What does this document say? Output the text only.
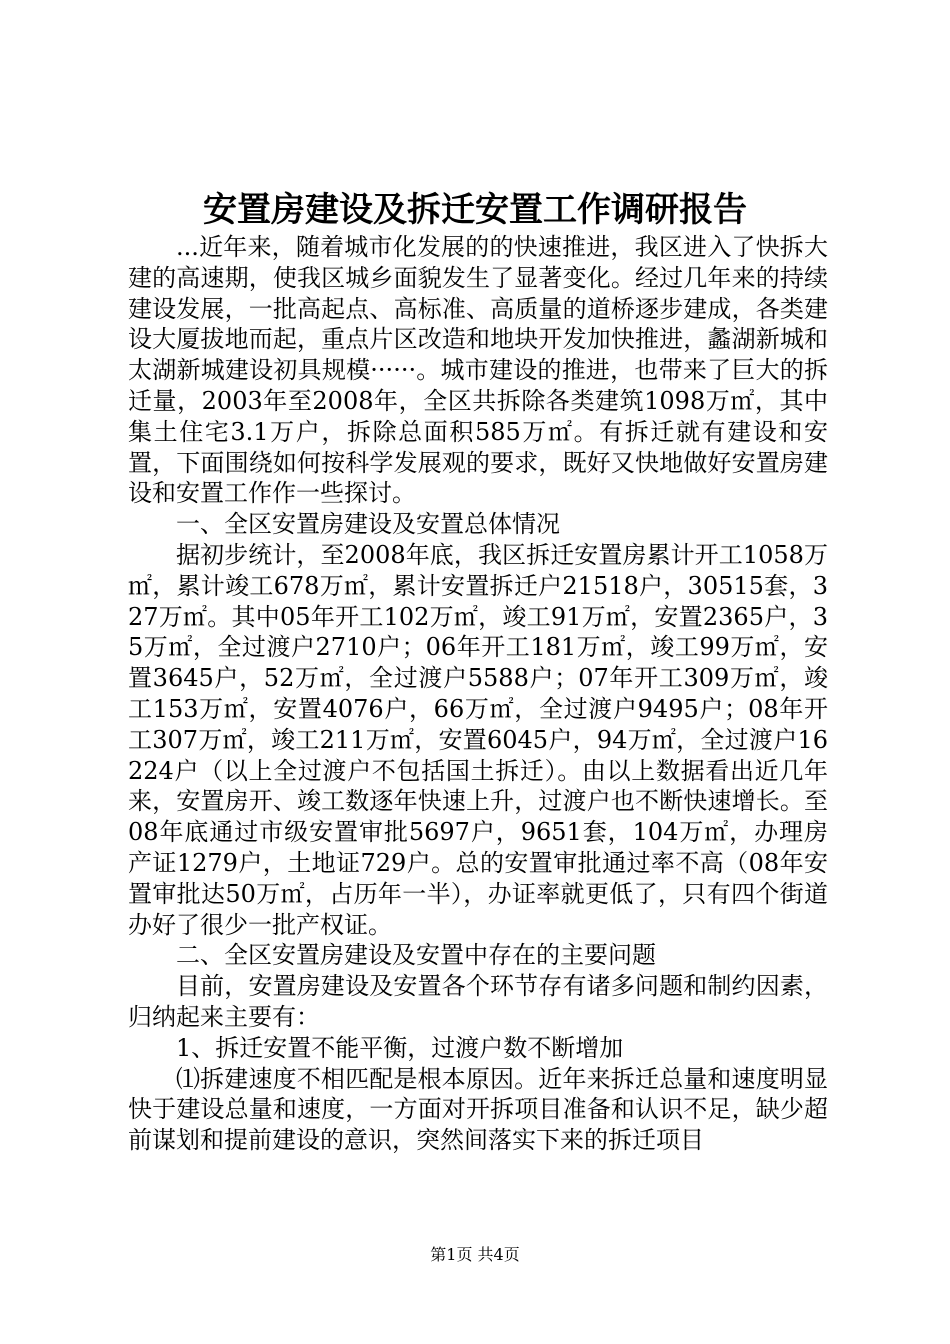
安置房建设及拆迁安置工作调研报告

...近年来，随着城市化发展的的快速推进，我区进入了快拆大建的高速期，使我区城乡面貌发生了显著变化。经过几年来的持续建设发展，一批高起点、高标准、高质量的道桥逐步建成，各类建设大厦拔地而起，重点片区改造和地块开发加快推进，蠡湖新城和太湖新城建设初具规模······。城市建设的推进，也带来了巨大的拆迁量，2003年至2008年，全区共拆除各类建筑1098万㎡，其中集土住宅3.1万户，拆除总面积585万㎡。有拆迁就有建设和安置，下面围绕如何按科学发展观的要求，既好又快地做好安置房建设和安置工作作一些探讨。

一、全区安置房建设及安置总体情况

据初步统计，至2008年底，我区拆迁安置房累计开工1058万㎡，累计竣工678万㎡，累计安置拆迁户21518户，30515套，327万㎡。其中05年开工102万㎡，竣工91万㎡，安置2365户，35万㎡，全过渡户2710户；06年开工181万㎡，竣工99万㎡，安置3645户，52万㎡，全过渡户5588户；07年开工309万㎡，竣工153万㎡，安置4076户，66万㎡，全过渡户9495户；08年开工307万㎡，竣工211万㎡，安置6045户，94万㎡，全过渡户16224户（以上全过渡户不包括国土拆迁）。由以上数据看出近几年来，安置房开、竣工数逐年快速上升，过渡户也不断快速增长。至08年底通过市级安置审批5697户，9651套，104万㎡，办理房产证1279户，土地证729户。总的安置审批通过率不高（08年安置审批达50万㎡，占历年一半），办证率就更低了，只有四个街道办好了很少一批产权证。

二、全区安置房建设及安置中存在的主要问题

目前，安置房建设及安置各个环节存有诸多问题和制约因素，归纳起来主要有：

1、拆迁安置不能平衡，过渡户数不断增加

⑴拆建速度不相匹配是根本原因。近年来拆迁总量和速度明显快于建设总量和速度，一方面对开拆项目准备和认识不足，缺少超前谋划和提前建设的意识，突然间落实下来的拆迁项目

第1页 共4页
